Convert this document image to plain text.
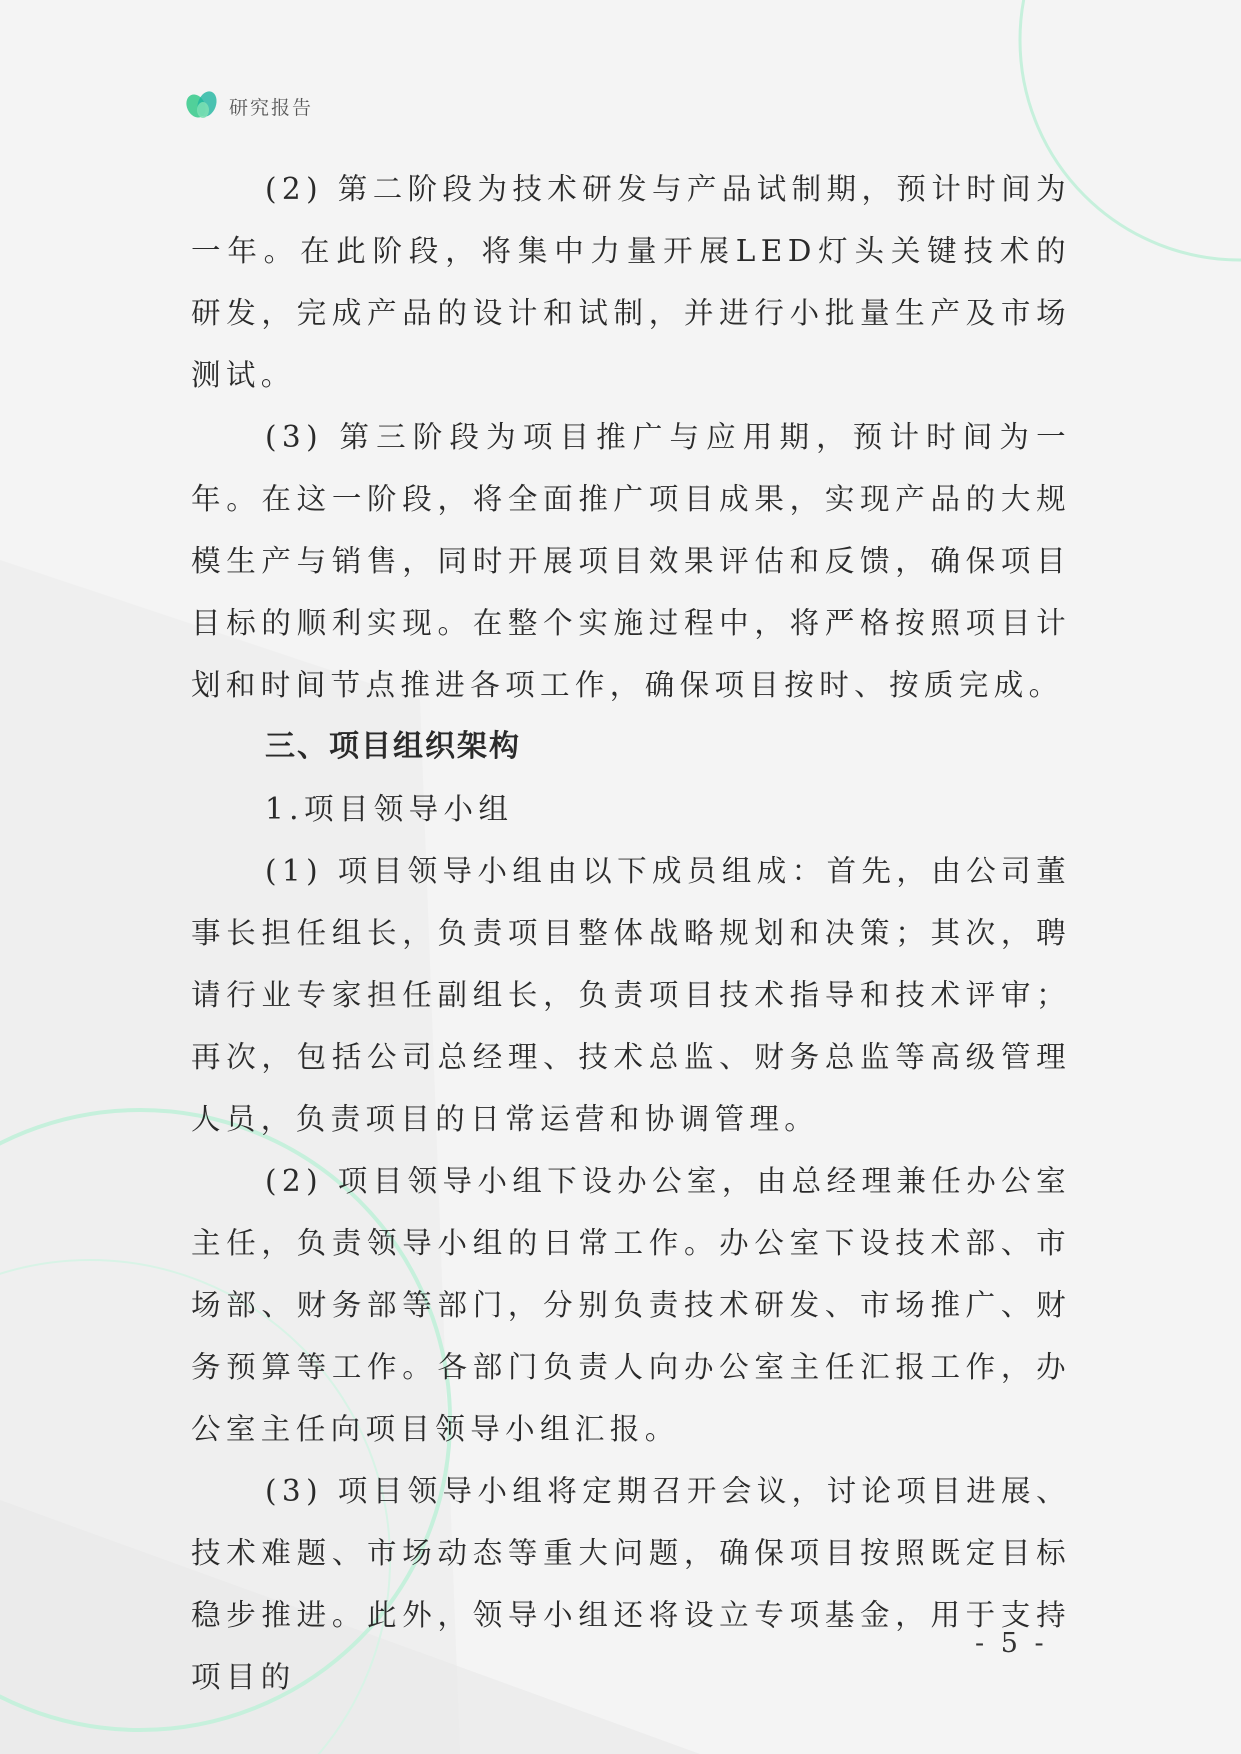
研究报告

(2) 第二阶段为技术研发与产品试制期，预计时间为一年。在此阶段，将集中力量开展LED灯头关键技术的研发，完成产品的设计和试制，并进行小批量生产及市场测试。

(3) 第三阶段为项目推广与应用期，预计时间为一年。在这一阶段，将全面推广项目成果，实现产品的大规模生产与销售，同时开展项目效果评估和反馈，确保项目目标的顺利实现。在整个实施过程中，将严格按照项目计划和时间节点推进各项工作，确保项目按时、按质完成。

三、项目组织架构

1.项目领导小组

(1) 项目领导小组由以下成员组成：首先，由公司董事长担任组长，负责项目整体战略规划和决策；其次，聘请行业专家担任副组长，负责项目技术指导和技术评审；再次，包括公司总经理、技术总监、财务总监等高级管理人员，负责项目的日常运营和协调管理。

(2) 项目领导小组下设办公室，由总经理兼任办公室主任，负责领导小组的日常工作。办公室下设技术部、市场部、财务部等部门，分别负责技术研发、市场推广、财务预算等工作。各部门负责人向办公室主任汇报工作，办公室主任向项目领导小组汇报。

(3) 项目领导小组将定期召开会议，讨论项目进展、技术难题、市场动态等重大问题，确保项目按照既定目标稳步推进。此外，领导小组还将设立专项基金，用于支持项目的

- 5 -
